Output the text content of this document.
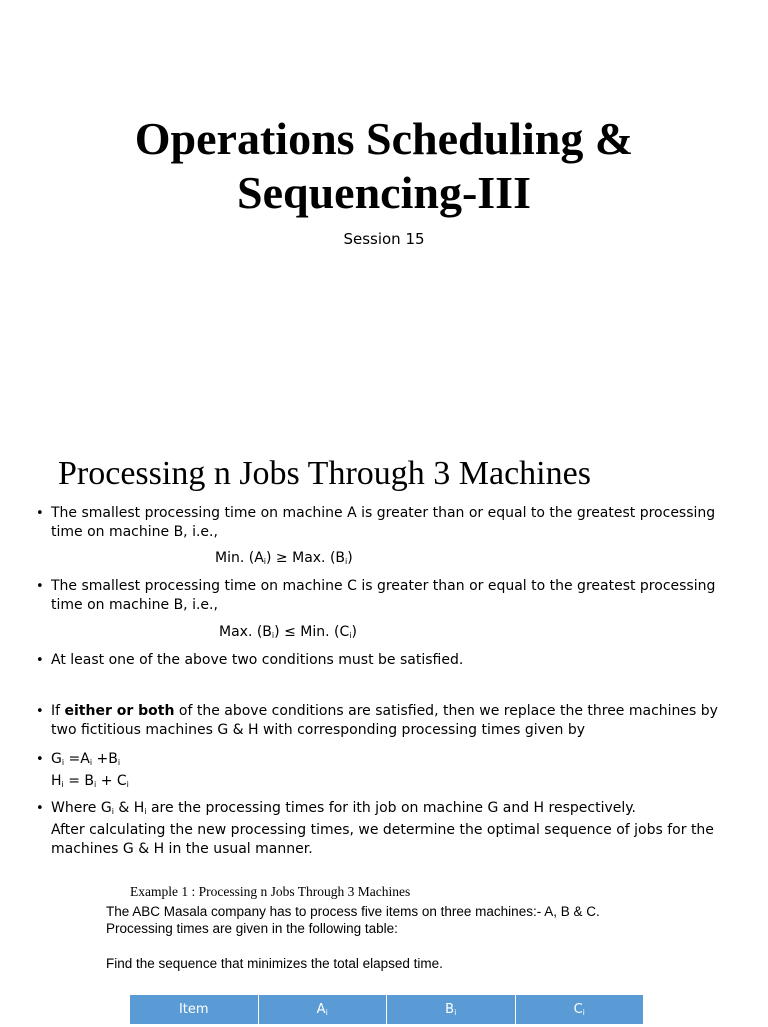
Operations Scheduling &
Sequencing-III
Session 15
Processing n Jobs Through 3 Machines
• The smallest processing time on machine A is greater than or equal to the greatest processing time on machine B, i.e.,
Min. $(A_i)$ ≥ Max. $(B_i)$
• The smallest processing time on machine C is greater than or equal to the greatest processing time on machine B, i.e.,
Max. $(B_i)$ ≤ Min. $(C_i)$
• At least one of the above two conditions must be satisfied.
• If either or both of the above conditions are satisfied, then we replace the three machines by two fictitious machines G & H with corresponding processing times given by
• $G_i =A_i +B_i$
$H_i = B_i + C_i$
• Where $G_i$ & $H_i$ are the processing times for ith job on machine G and H respectively.
After calculating the new processing times, we determine the optimal sequence of jobs for the machines G & H in the usual manner.
Example 1 : Processing n Jobs Through 3 Machines
The ABC Masala company has to process five items on three machines:- A, B & C.
Processing times are given in the following table:
Find the sequence that minimizes the total elapsed time.
Item	$A_i$	$B_i$	$C_i$
